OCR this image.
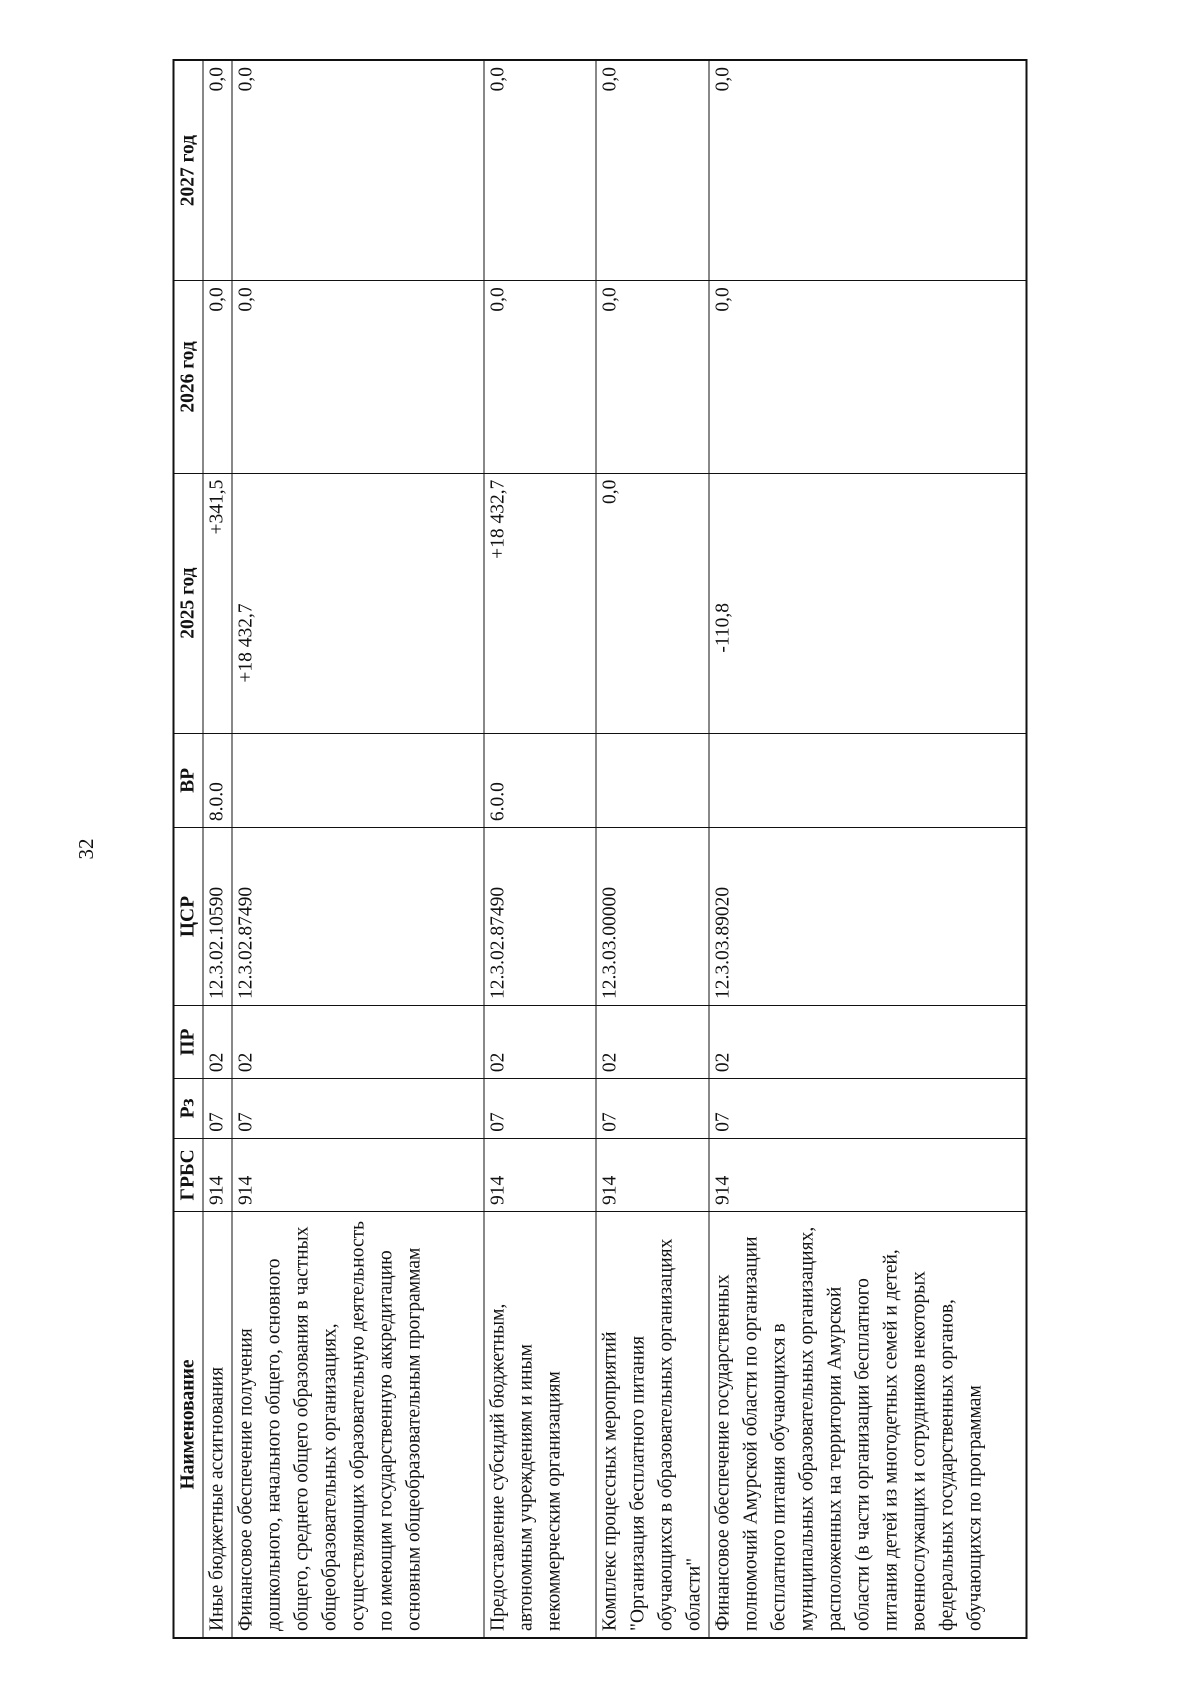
32
Наименование	ГРБС	Рз	ПР	ЦСР	ВР	2025 год	2026 год	2027 год
Иные бюджетные ассигнования	914	07	02	12.3.02.10590	8.0.0	+341,5	0,0	0,0
Финансовое обеспечение получения дошкольного, начального общего, основного общего, среднего общего образования в частных общеобразовательных организациях, осуществляющих образовательную деятельность по имеющим государственную аккредитацию основным общеобразовательным программам	914	07	02	12.3.02.87490		+18 432,7	0,0	0,0
Предоставление субсидий бюджетным, автономным учреждениям и иным некоммерческим организациям	914	07	02	12.3.02.87490	6.0.0	+18 432,7	0,0	0,0
Комплекс процессных мероприятий "Организация бесплатного питания обучающихся в образовательных организациях области"	914	07	02	12.3.03.00000		0,0	0,0	0,0
Финансовое обеспечение государственных полномочий Амурской области по организации бесплатного питания обучающихся в муниципальных образовательных организациях, расположенных на территории Амурской области (в части организации бесплатного питания детей из многодетных семей и детей, военнослужащих и сотрудников некоторых федеральных государственных органов, обучающихся по программам	914	07	02	12.3.03.89020		-110,8	0,0	0,0
